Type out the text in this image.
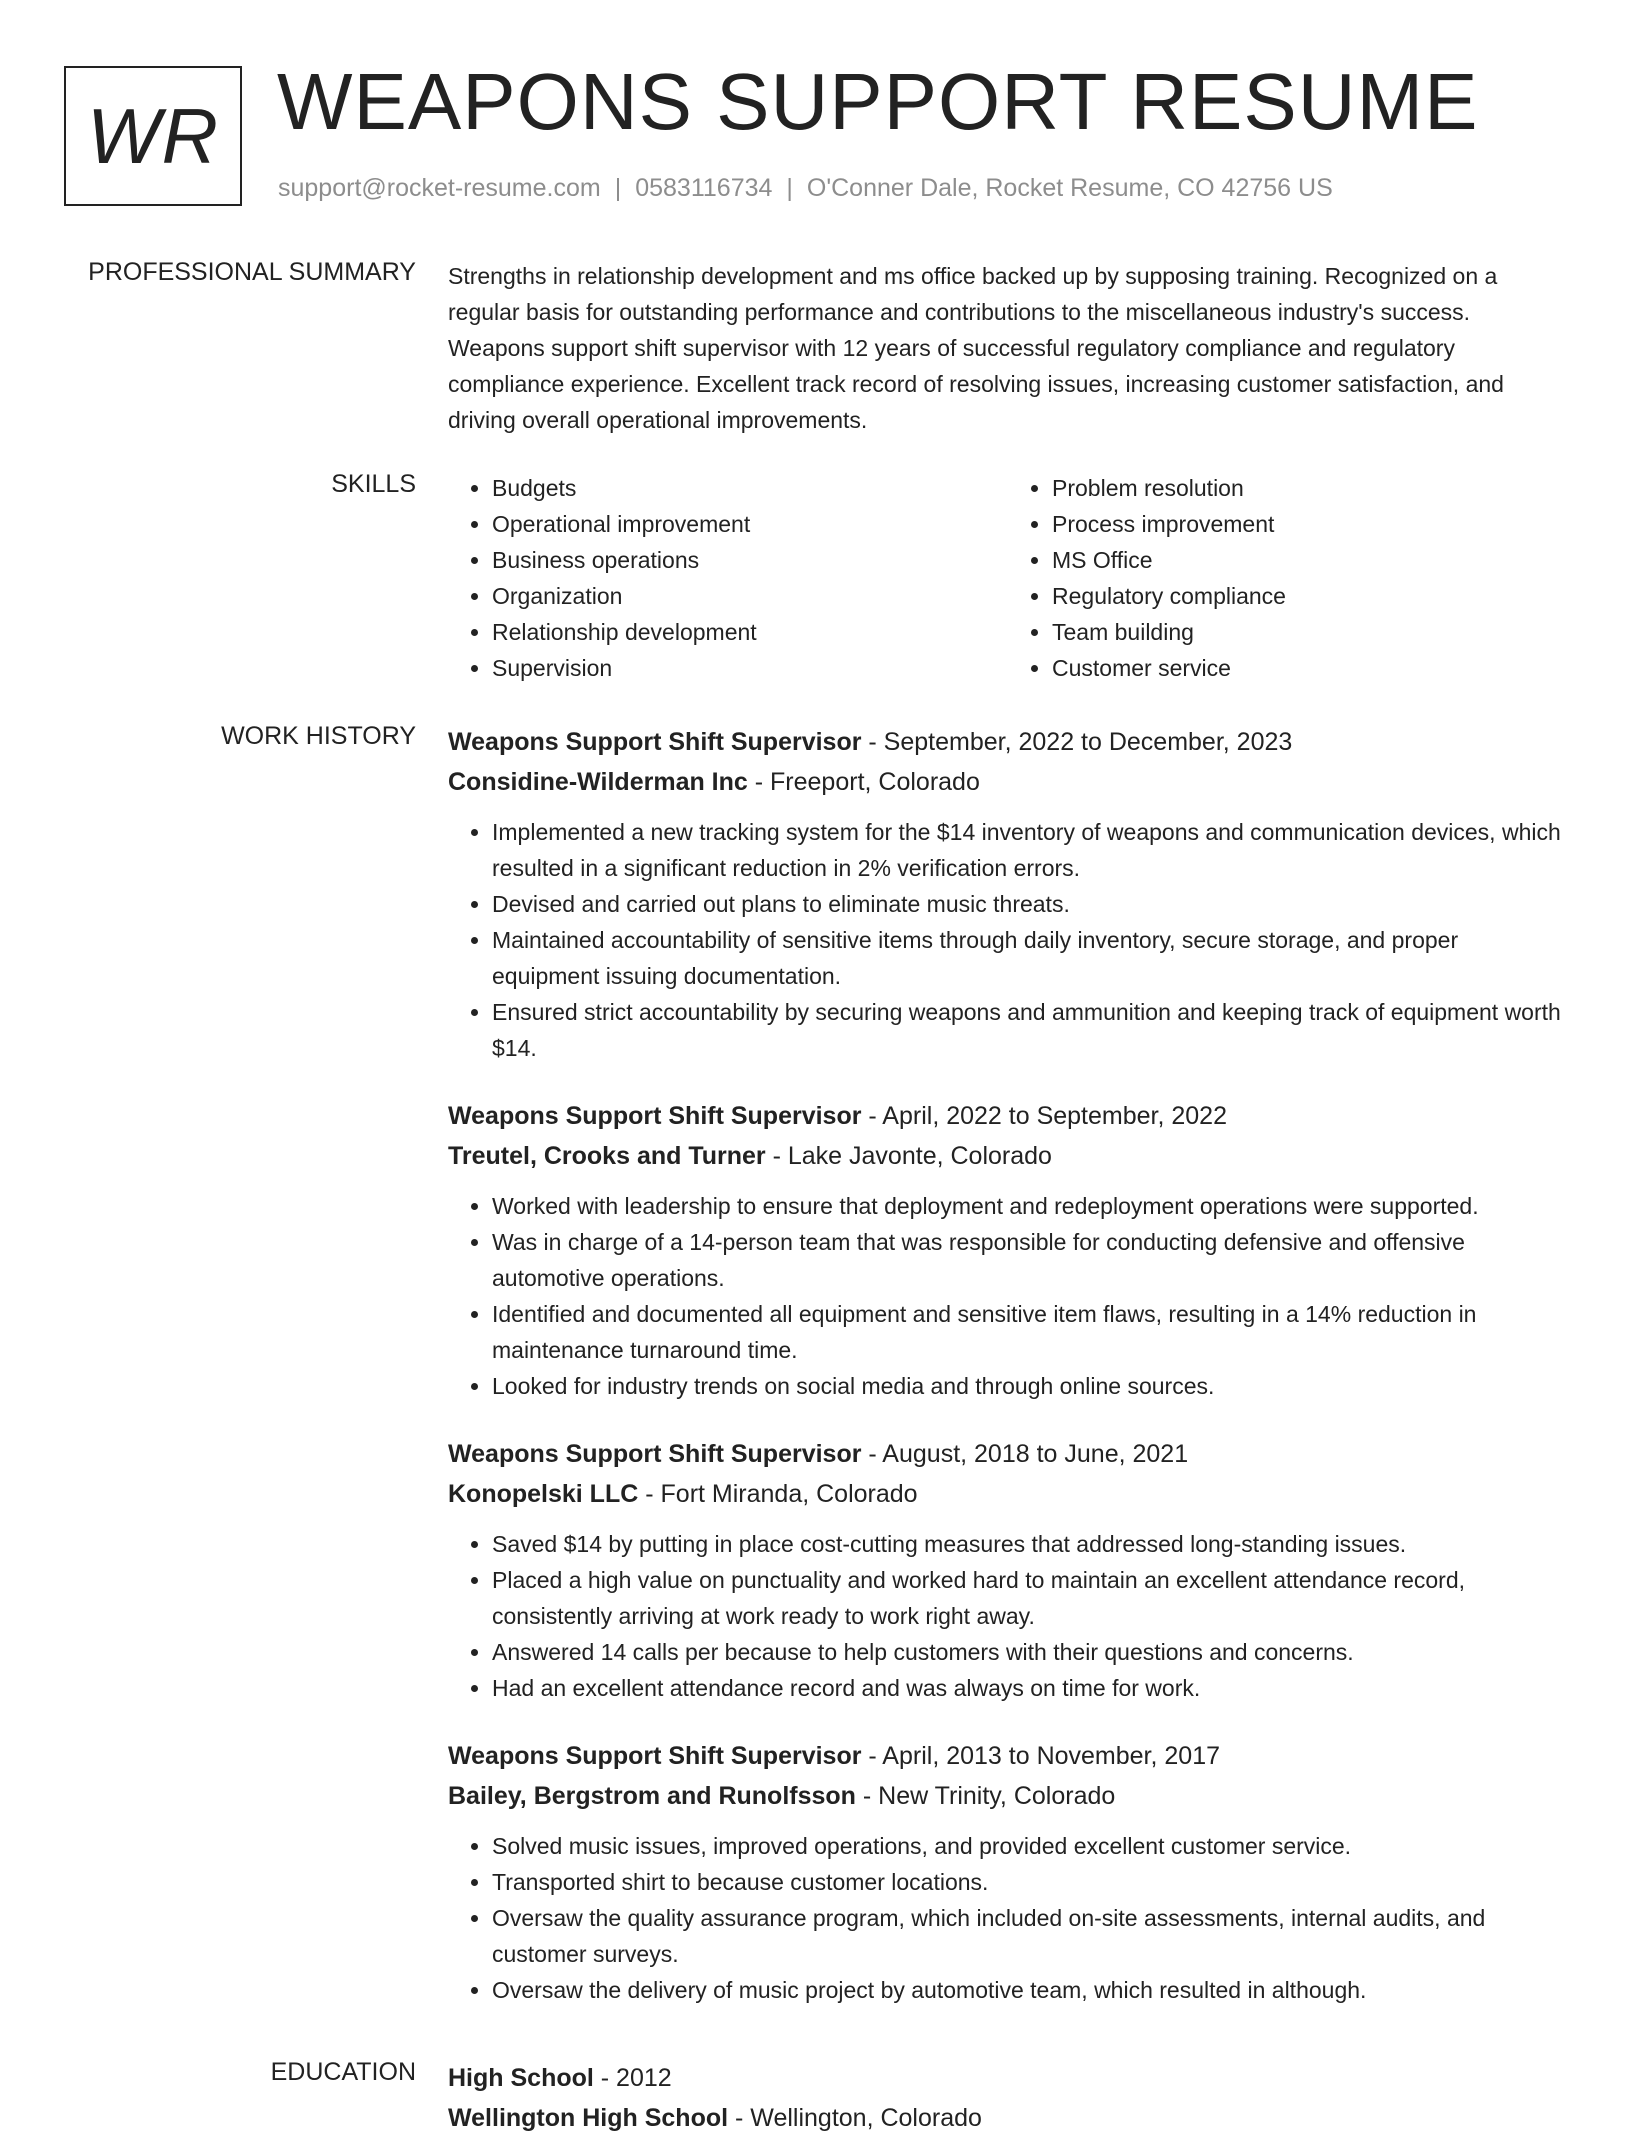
WR WEAPONS SUPPORT RESUME
support@rocket-resume.com | 0583116734 | O'Conner Dale, Rocket Resume, CO 42756 US
PROFESSIONAL SUMMARY Strengths in relationship development and ms office backed up by supposing training. Recognized on a regular basis for outstanding performance and contributions to the miscellaneous industry's success. Weapons support shift supervisor with 12 years of successful regulatory compliance and regulatory compliance experience. Excellent track record of resolving issues, increasing customer satisfaction, and driving overall operational improvements.

SKILLS
•	Budgets
• Operational improvement
• Business operations
• Organization
• Relationship development
• Supervision
• Problem resolution
• Process improvement
• MS Office
• Regulatory compliance
• Team building
• Customer service
WORK HISTORY Weapons Support Shift Supervisor - September, 2022 to December, 2023

Considine-Wilderman Inc - Freeport, Colorado

• Implemented a new tracking system for the $14 inventory of weapons and communication devices, which resulted in a significant reduction in 2% verification errors.
• Devised and carried out plans to eliminate music threats.
• Maintained accountability of sensitive items through daily inventory, secure storage, and proper equipment issuing documentation.
• Ensured strict accountability by securing weapons and ammunition and keeping track of equipment worth $14.

Weapons Support Shift Supervisor - April, 2022 to September, 2022

Treutel, Crooks and Turner - Lake Javonte, Colorado

• Worked with leadership to ensure that deployment and redeployment operations were supported.
• Was in charge of a 14-person team that was responsible for conducting defensive and offensive automotive operations.
• Identified and documented all equipment and sensitive item flaws, resulting in a 14% reduction in maintenance turnaround time.
• Looked for industry trends on social media and through online sources.

Weapons Support Shift Supervisor - August, 2018 to June, 2021

Konopelski LLC - Fort Miranda, Colorado

• Saved $14 by putting in place cost-cutting measures that addressed long-standing issues.
• Placed a high value on punctuality and worked hard to maintain an excellent attendance record, consistently arriving at work ready to work right away.
• Answered 14 calls per because to help customers with their questions and concerns.
• Had an excellent attendance record and was always on time for work.

Weapons Support Shift Supervisor - April, 2013 to November, 2017

Bailey, Bergstrom and Runolfsson - New Trinity, Colorado

• Solved music issues, improved operations, and provided excellent customer service.
• Transported shirt to because customer locations.
• Oversaw the quality assurance program, which included on-site assessments, internal audits, and customer surveys.
• Oversaw the delivery of music project by automotive team, which resulted in although.
EDUCATION High School - 2012

Wellington High School - Wellington, Colorado
